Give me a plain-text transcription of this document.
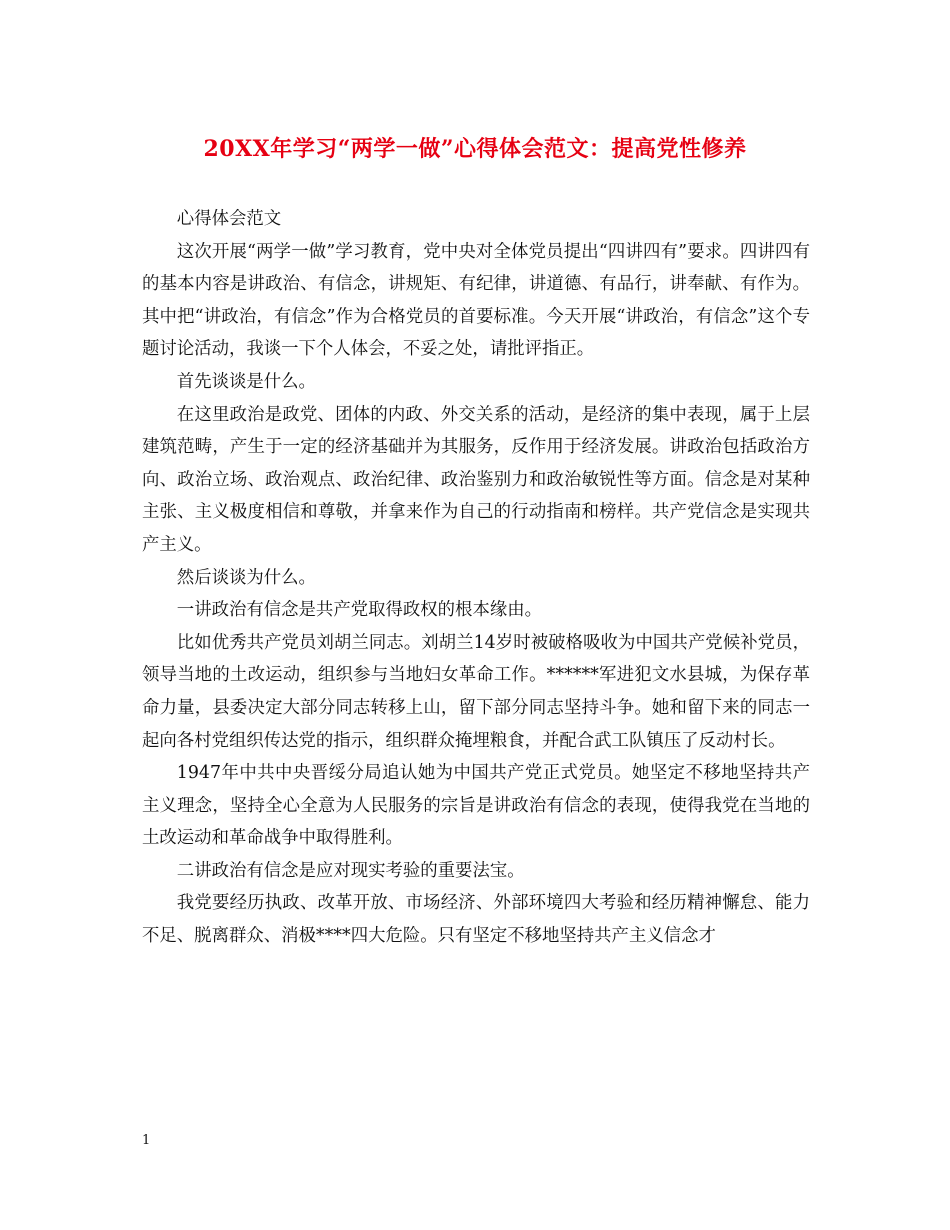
20XX年学习“两学一做”心得体会范文：提高党性修养

心得体会范文

这次开展“两学一做”学习教育，党中央对全体党员提出“四讲四有”要求。四讲四有的基本内容是讲政治、有信念，讲规矩、有纪律，讲道德、有品行，讲奉献、有作为。其中把“讲政治，有信念”作为合格党员的首要标准。今天开展“讲政治，有信念”这个专题讨论活动，我谈一下个人体会，不妥之处，请批评指正。

首先谈谈是什么。

在这里政治是政党、团体的内政、外交关系的活动，是经济的集中表现，属于上层建筑范畴，产生于一定的经济基础并为其服务，反作用于经济发展。讲政治包括政治方向、政治立场、政治观点、政治纪律、政治鉴别力和政治敏锐性等方面。信念是对某种主张、主义极度相信和尊敬，并拿来作为自己的行动指南和榜样。共产党信念是实现共产主义。

然后谈谈为什么。

一讲政治有信念是共产党取得政权的根本缘由。

比如优秀共产党员刘胡兰同志。刘胡兰14岁时被破格吸收为中国共产党候补党员，领导当地的土改运动，组织参与当地妇女革命工作。******军进犯文水县城，为保存革命力量，县委决定大部分同志转移上山，留下部分同志坚持斗争。她和留下来的同志一起向各村党组织传达党的指示，组织群众掩埋粮食，并配合武工队镇压了反动村长。

1947年中共中央晋绥分局追认她为中国共产党正式党员。她坚定不移地坚持共产主义理念，坚持全心全意为人民服务的宗旨是讲政治有信念的表现，使得我党在当地的土改运动和革命战争中取得胜利。

二讲政治有信念是应对现实考验的重要法宝。

我党要经历执政、改革开放、市场经济、外部环境四大考验和经历精神懈怠、能力不足、脱离群众、消极****四大危险。只有坚定不移地坚持共产主义信念才

1
